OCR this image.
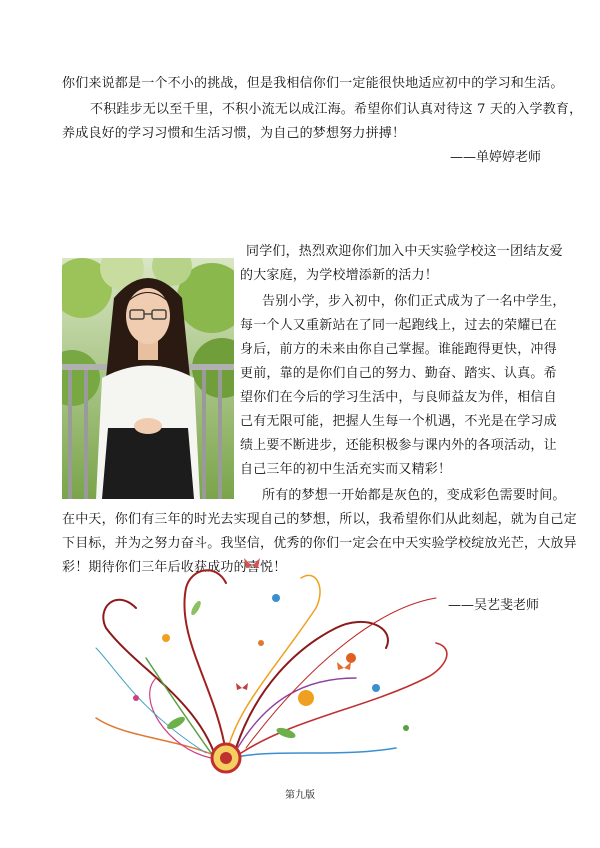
你们来说都是一个不小的挑战，但是我相信你们一定能很快地适应初中的学习和生活。

不积跬步无以至千里，不积小流无以成江海。希望你们认真对待这 7 天的入学教育，

养成良好的学习习惯和生活习惯，为自己的梦想努力拼搏！

——单婷婷老师

同学们，热烈欢迎你们加入中天实验学校这一团结友爱

的大家庭，为学校增添新的活力！

告别小学，步入初中，你们正式成为了一名中学生，

每一个人又重新站在了同一起跑线上，过去的荣耀已在

身后，前方的未来由你自己掌握。谁能跑得更快，冲得

更前，靠的是你们自己的努力、勤奋、踏实、认真。希

望你们在今后的学习生活中，与良师益友为伴，相信自

己有无限可能，把握人生每一个机遇，不光是在学习成

绩上要不断进步，还能积极参与课内外的各项活动，让

自己三年的初中生活充实而又精彩！

所有的梦想一开始都是灰色的，变成彩色需要时间。

在中天，你们有三年的时光去实现自己的梦想，所以，我希望你们从此刻起，就为自己定

下目标，并为之努力奋斗。我坚信，优秀的你们一定会在中天实验学校绽放光芒，大放异

彩！期待你们三年后收获成功的喜悦！

——吴艺斐老师

第九版
